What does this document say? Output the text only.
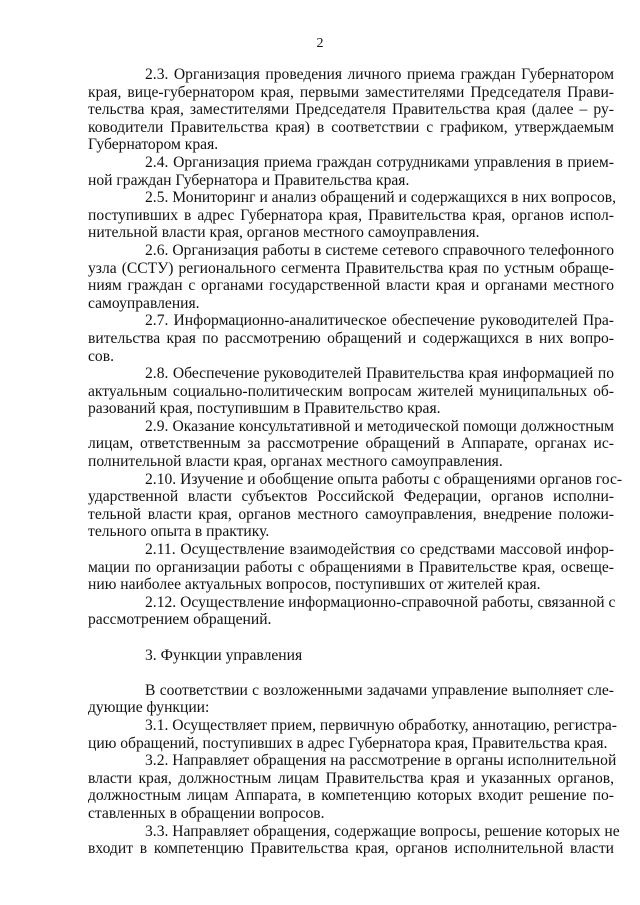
2
2.3. Организация проведения личного приема граждан Губернатором
края, вице-губернатором края, первыми заместителями Председателя Прави-
тельства края, заместителями Председателя Правительства края (далее – ру-
ководители Правительства края) в соответствии с графиком, утверждаемым
Губернатором края.
2.4. Организация приема граждан сотрудниками управления в прием-
ной граждан Губернатора и Правительства края.
2.5. Мониторинг и анализ обращений и содержащихся в них вопросов,
поступивших в адрес Губернатора края, Правительства края, органов испол-
нительной власти края, органов местного самоуправления.
2.6. Организация работы в системе сетевого справочного телефонного
узла (ССТУ) регионального сегмента Правительства края по устным обраще-
ниям граждан с органами государственной власти края и органами местного
самоуправления.
2.7. Информационно-аналитическое обеспечение руководителей Пра-
вительства края по рассмотрению обращений и содержащихся в них вопро-
сов.
2.8. Обеспечение руководителей Правительства края информацией по
актуальным социально-политическим вопросам жителей муниципальных об-
разований края, поступившим в Правительство края.
2.9. Оказание консультативной и методической помощи должностным
лицам, ответственным за рассмотрение обращений в Аппарате, органах ис-
полнительной власти края, органах местного самоуправления.
2.10. Изучение и обобщение опыта работы с обращениями органов гос-
ударственной власти субъектов Российской Федерации, органов исполни-
тельной власти края, органов местного самоуправления, внедрение положи-
тельного опыта в практику.
2.11. Осуществление взаимодействия со средствами массовой инфор-
мации по организации работы с обращениями в Правительстве края, освеще-
нию наиболее актуальных вопросов, поступивших от жителей края.
2.12. Осуществление информационно-справочной работы, связанной с
рассмотрением обращений.
3. Функции управления
В соответствии с возложенными задачами управление выполняет сле-
дующие функции:
3.1. Осуществляет прием, первичную обработку, аннотацию, регистра-
цию обращений, поступивших в адрес Губернатора края, Правительства края.
3.2. Направляет обращения на рассмотрение в органы исполнительной
власти края, должностным лицам Правительства края и указанных органов,
должностным лицам Аппарата, в компетенцию которых входит решение по-
ставленных в обращении вопросов.
3.3. Направляет обращения, содержащие вопросы, решение которых не
входит в компетенцию Правительства края, органов исполнительной власти
